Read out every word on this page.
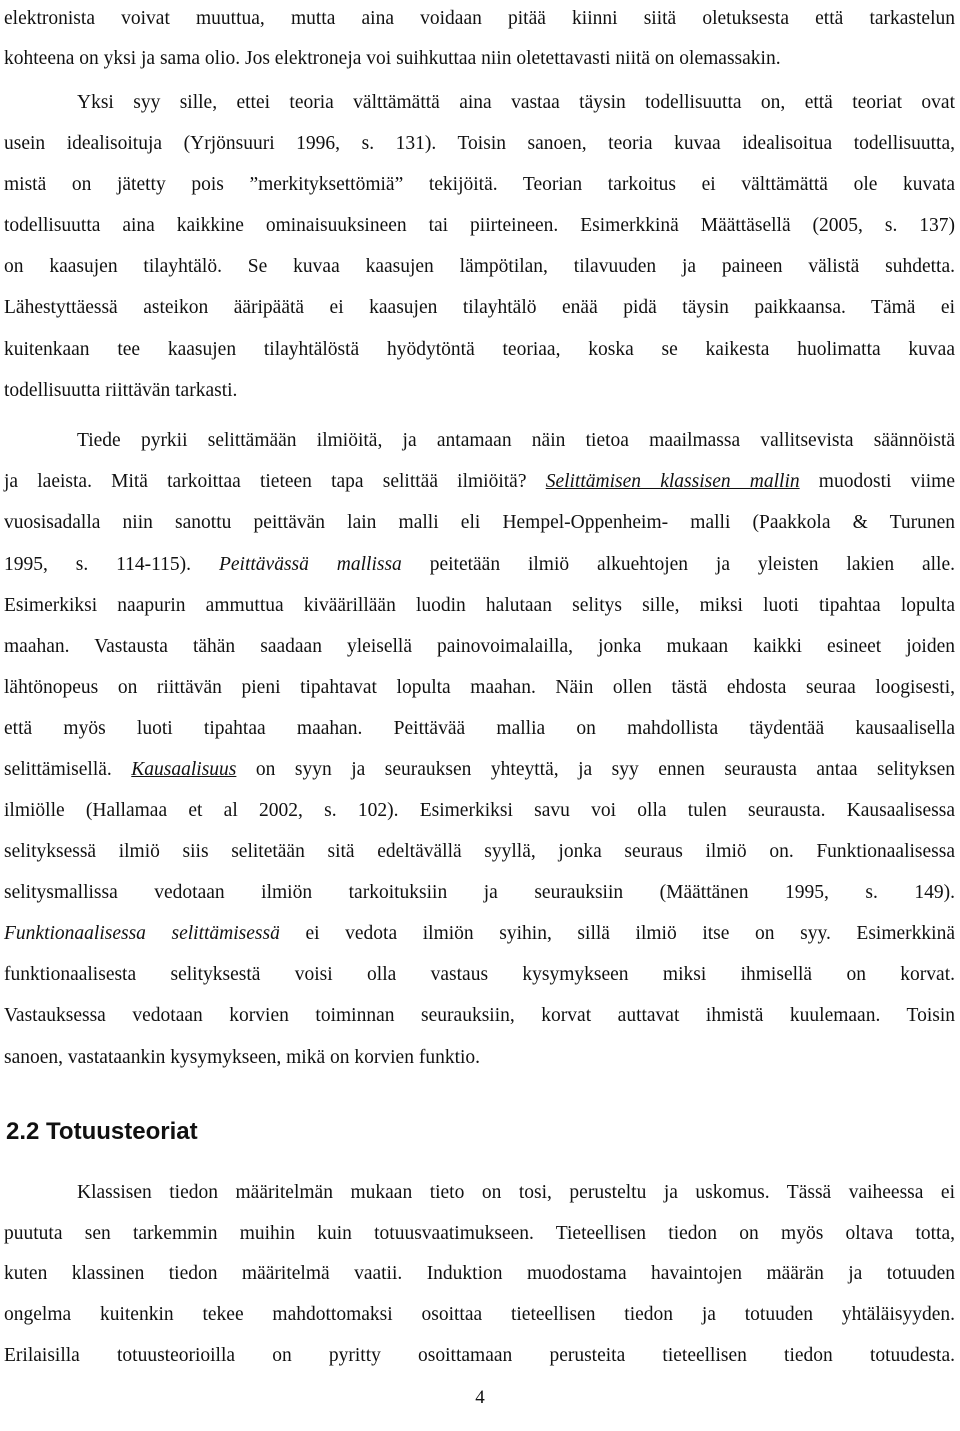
elektronista voivat muuttua, mutta aina voidaan pitää kiinni siitä oletuksesta että tarkastelun
kohteena on yksi ja sama olio. Jos elektroneja voi suihkuttaa niin oletettavasti niitä on olemassakin.
Yksi syy sille, ettei teoria välttämättä aina vastaa täysin todellisuutta on, että teoriat ovat
usein idealisoituja (Yrjönsuuri 1996, s. 131). Toisin sanoen, teoria kuvaa idealisoitua todellisuutta,
mistä on jätetty pois ”merkityksettömiä” tekijöitä. Teorian tarkoitus ei välttämättä ole kuvata
todellisuutta aina kaikkine ominaisuuksineen tai piirteineen. Esimerkkinä Määttäsellä (2005, s. 137)
on kaasujen tilayhtälö. Se kuvaa kaasujen lämpötilan, tilavuuden ja paineen välistä suhdetta.
Lähestyttäessä asteikon ääripäätä ei kaasujen tilayhtälö enää pidä täysin paikkaansa. Tämä ei
kuitenkaan tee kaasujen tilayhtälöstä hyödytöntä teoriaa, koska se kaikesta huolimatta kuvaa
todellisuutta riittävän tarkasti.
Tiede pyrkii selittämään ilmiöitä, ja antamaan näin tietoa maailmassa vallitsevista säännöistä
ja laeista. Mitä tarkoittaa tieteen tapa selittää ilmiöitä? Selittämisen klassisen mallin muodosti viime
vuosisadalla niin sanottu peittävän lain malli eli Hempel-Oppenheim- malli (Paakkola & Turunen
1995, s. 114-115). Peittävässä mallissa peitetään ilmiö alkuehtojen ja yleisten lakien alle.
Esimerkiksi naapurin ammuttua kiväärillään luodin halutaan selitys sille, miksi luoti tipahtaa lopulta
maahan. Vastausta tähän saadaan yleisellä painovoimalailla, jonka mukaan kaikki esineet joiden
lähtönopeus on riittävän pieni tipahtavat lopulta maahan. Näin ollen tästä ehdosta seuraa loogisesti,
että myös luoti tipahtaa maahan. Peittävää mallia on mahdollista täydentää kausaalisella
selittämisellä. Kausaalisuus on syyn ja seurauksen yhteyttä, ja syy ennen seurausta antaa selityksen
ilmiölle (Hallamaa et al 2002, s. 102). Esimerkiksi savu voi olla tulen seurausta. Kausaalisessa
selityksessä ilmiö siis selitetään sitä edeltävällä syyllä, jonka seuraus ilmiö on. Funktionaalisessa
selitysmallissa vedotaan ilmiön tarkoituksiin ja seurauksiin (Määttänen 1995, s. 149).
Funktionaalisessa selittämisessä ei vedota ilmiön syihin, sillä ilmiö itse on syy. Esimerkkinä
funktionaalisesta selityksestä voisi olla vastaus kysymykseen miksi ihmisellä on korvat.
Vastauksessa vedotaan korvien toiminnan seurauksiin, korvat auttavat ihmistä kuulemaan. Toisin
sanoen, vastataankin kysymykseen, mikä on korvien funktio.
Klassisen tiedon määritelmän mukaan tieto on tosi, perusteltu ja uskomus. Tässä vaiheessa ei
puututa sen tarkemmin muihin kuin totuusvaatimukseen. Tieteellisen tiedon on myös oltava totta,
kuten klassinen tiedon määritelmä vaatii. Induktion muodostama havaintojen määrän ja totuuden
ongelma kuitenkin tekee mahdottomaksi osoittaa tieteellisen tiedon ja totuuden yhtäläisyyden.
Erilaisilla totuusteorioilla on pyritty osoittamaan perusteita tieteellisen tiedon totuudesta.
2.2 Totuusteoriat
4
